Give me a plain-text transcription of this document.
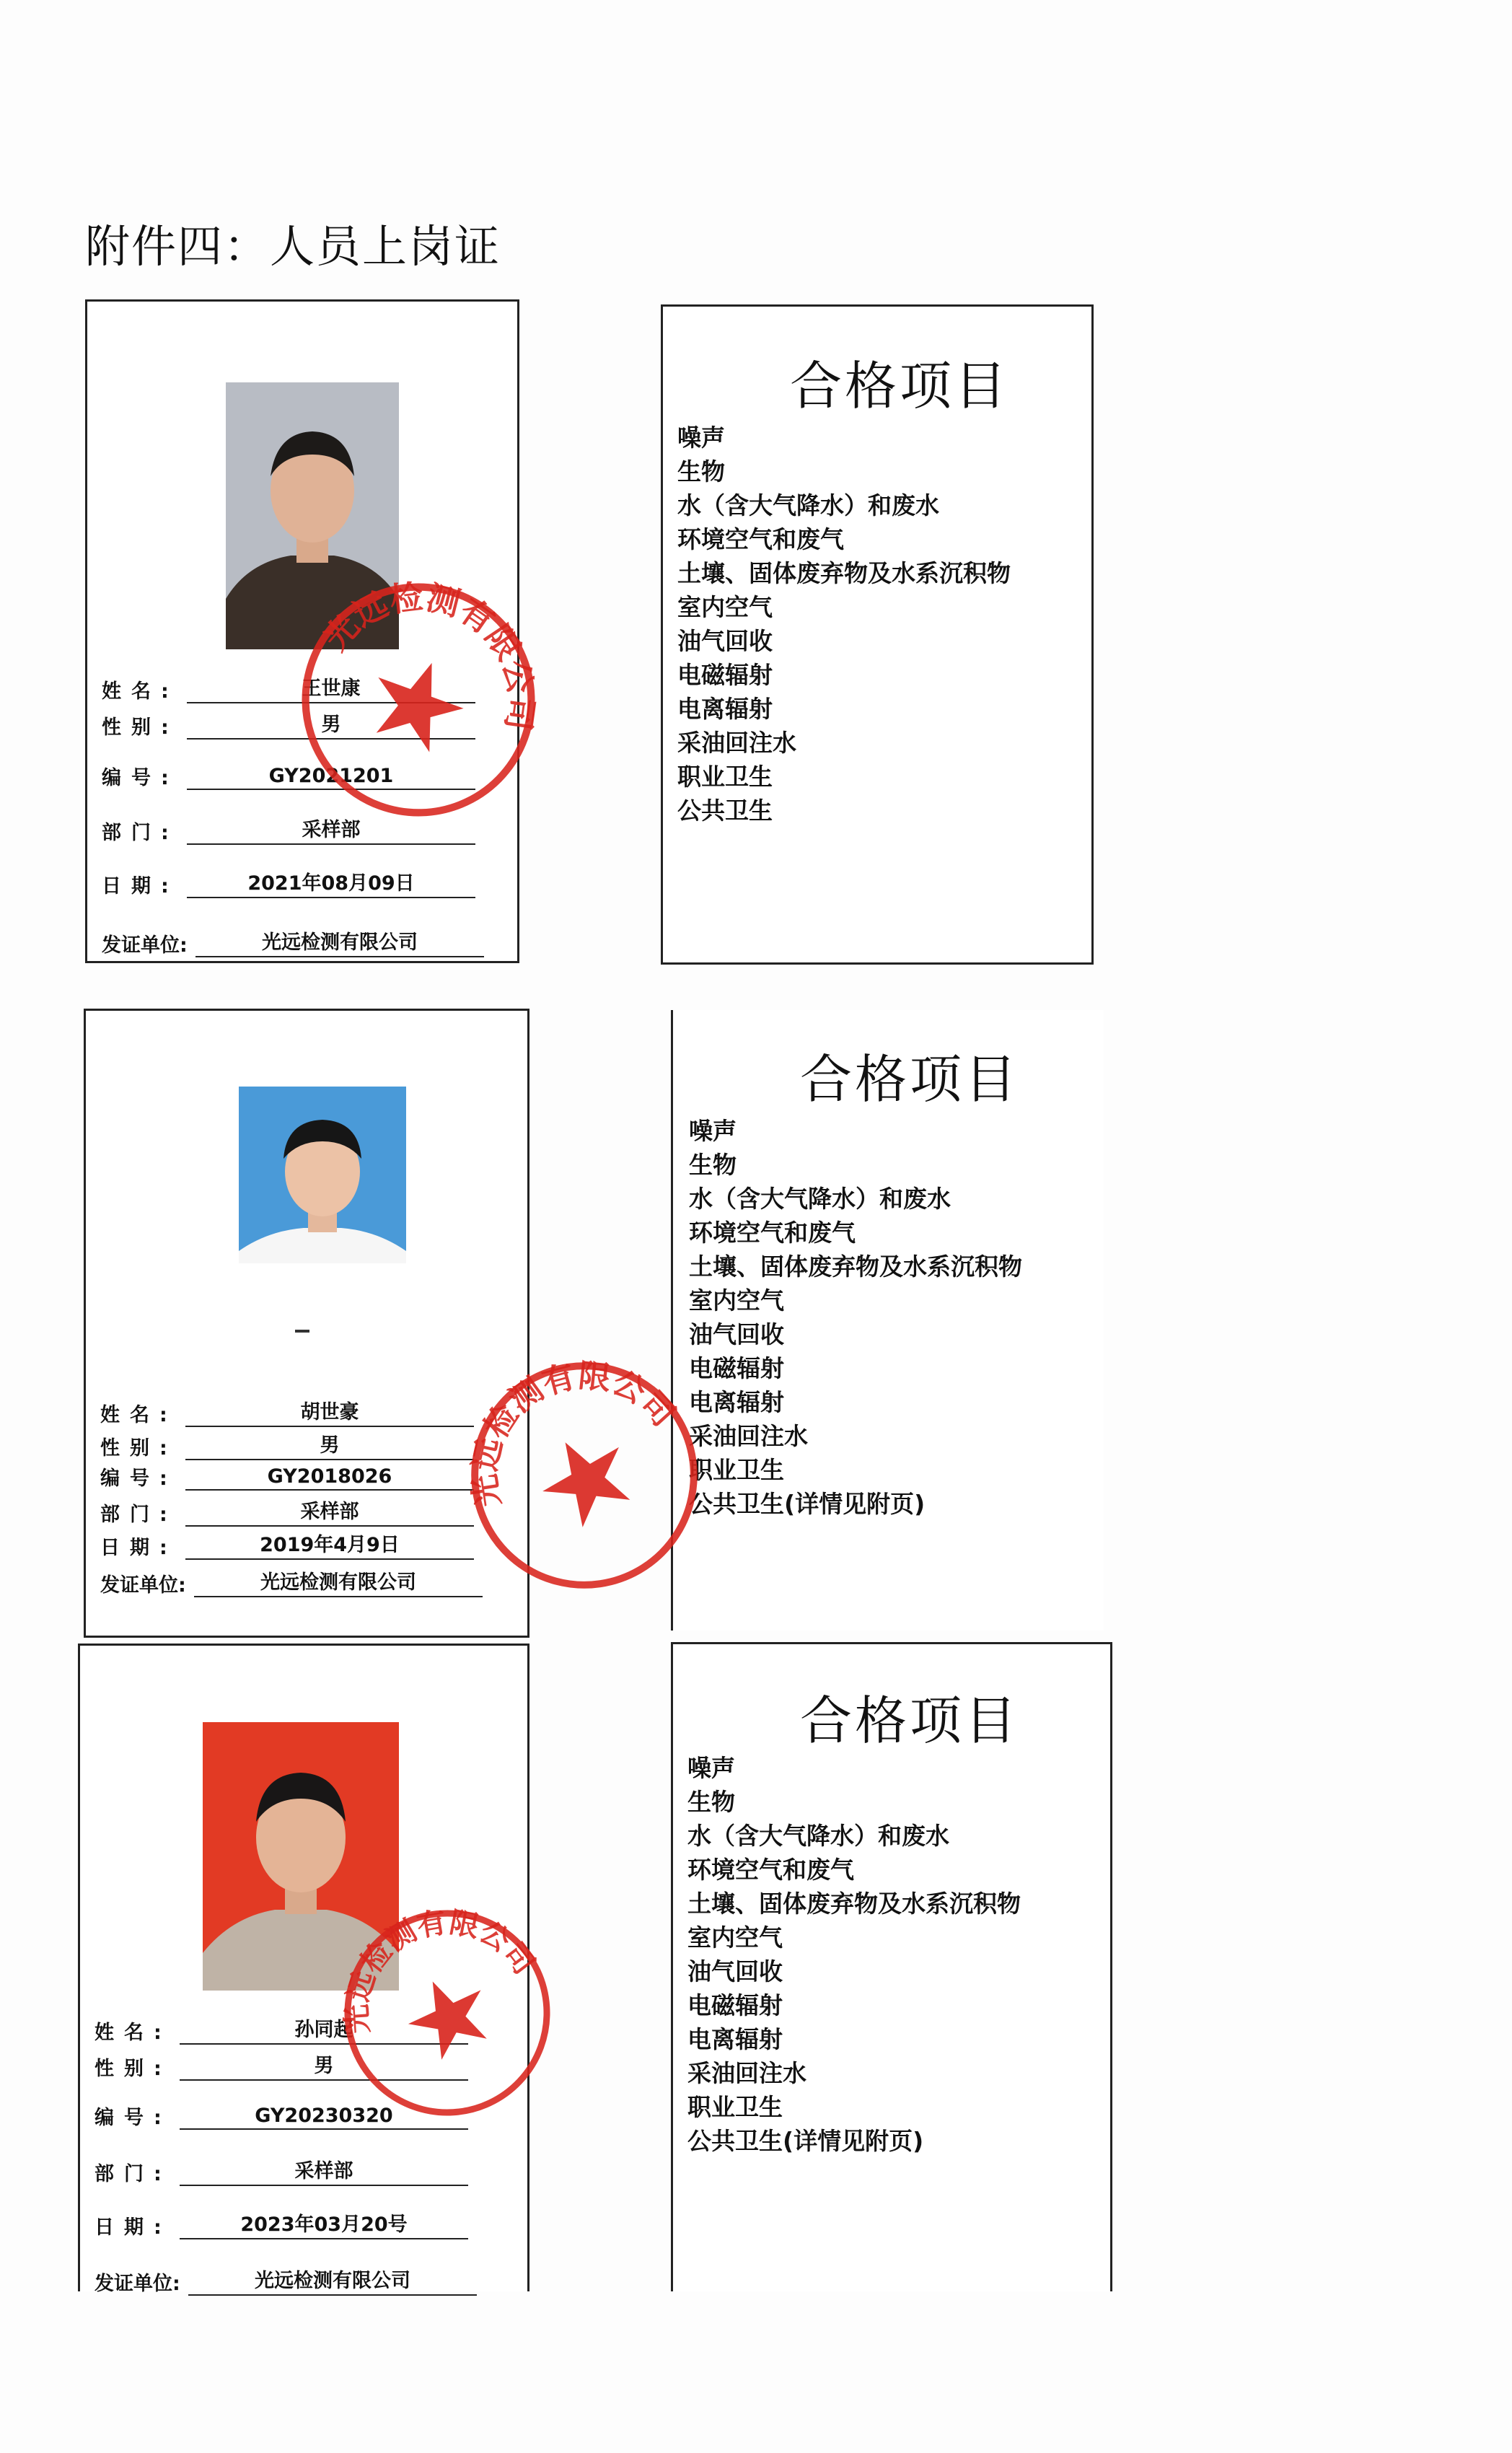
附件四：人员上岗证
姓名:	王世康
性别:	男
编号:	GY2021201
部门:	采样部
日期:	2021年08月09日
发证单位:	光远检测有限公司
合格项目
噪声
生物
水（含大气降水）和废水
环境空气和废气
土壤、固体废弃物及水系沉积物
室内空气
油气回收
电磁辐射
电离辐射
采油回注水
职业卫生
公共卫生
姓名:	胡世豪
性别:	男
编号:	GY2018026
部门:	采样部
日期:	2019年4月9日
发证单位:	光远检测有限公司
合格项目
噪声
生物
水（含大气降水）和废水
环境空气和废气
土壤、固体废弃物及水系沉积物
室内空气
油气回收
电磁辐射
电离辐射
采油回注水
职业卫生
公共卫生(详情见附页)
姓名:	孙同起
性别:	男
编号:	GY20230320
部门:	采样部
日期:	2023年03月20号
发证单位:	光远检测有限公司
合格项目
噪声
生物
水（含大气降水）和废水
环境空气和废气
土壤、固体废弃物及水系沉积物
室内空气
油气回收
电磁辐射
电离辐射
采油回注水
职业卫生
公共卫生(详情见附页)
光远检测有限公司
光远检测有限公司
光远检测有限公司
